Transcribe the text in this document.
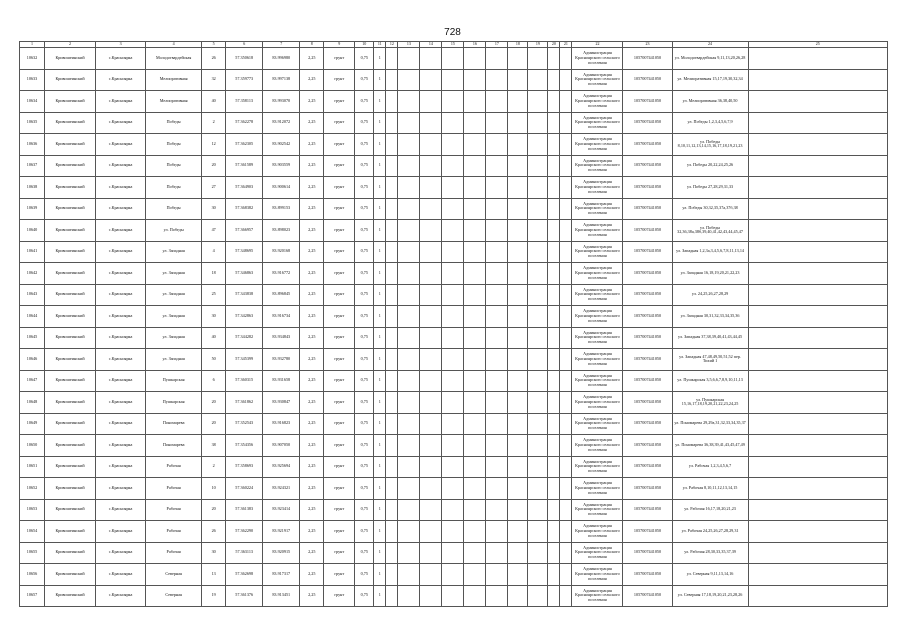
728
1	2	3	4	5	6	7	8	9	10	11	12	13	14	15	16	17	18	19	20	21	22	23	24	25
10632	Кривошеинский	с.Красноярка	Молодогвардейская	26	57.350618	83.996980	2,25	грунт	0,75	1											Администрация Красноярского сельского поселения	1057007441050	ул. Молодогвардейская 9,11,13,20,26,28	
10633	Кривошеинский	с.Красноярка	Мелиоративная	32	57.359773	83.997138	2,25	грунт	0,75	1											Администрация Красноярского сельского поселения	1057007441050	ул. Мелиоративная 15,17,19,30,32,34	
10634	Кривошеинский	с.Красноярка	Мелиоративная	40	57.358113	83.993070	2,25	грунт	0,75	1											Администрация Красноярского сельского поселения	1057007441050	ул. Мелиоративная 36,38,40,50	
10635	Кривошеинский	с.Красноярка	Победы	2	57.362278	83.912072	2,25	грунт	0,75	1											Администрация Красноярского сельского поселения	1057007441050	ул. Победы 1,2,3,4,5,6,7,9	
10636	Кривошеинский	с.Красноярка	Победы	12	57.362305	83.902542	2,25	грунт	0,75	1											Администрация Красноярского сельского поселения	1057007441050	ул. Победы 8,10,11,12,13,14,15,16,17,18,19,21,23	
10637	Кривошеинский	с.Красноярка	Победы	20	57.361589	83.903559	2,25	грунт	0,75	1											Администрация Красноярского сельского поселения	1057007441050	ул. Победы 20,22,24,25,26	
10638	Кривошеинский	с.Красноярка	Победы	27	57.364903	83.900614	2,25	грунт	0,75	1											Администрация Красноярского сельского поселения	1057007441050	ул. Победы 27,28,29,31,33	
10639	Кривошеинский	с.Красноярка	Победы	30	57.368382	83.899153	2,25	грунт	0,75	1											Администрация Красноярского сельского поселения	1057007441050	ул. Победы 30,32,35,37а,37б,38	
10640	Кривошеинский	с.Красноярка	ул. Победы	47	57.366957	83.898023	2,25	грунт	0,75	1											Администрация Красноярского сельского поселения	1057007441050	ул. Победы 32,36,38а,38б,39,40,41,42,43,44,45,47	
10641	Кривошеинский	с.Красноярка	ул. Западная	4	57.348695	83.920168	2,25	грунт	0,75	1											Администрация Красноярского сельского поселения	1057007441050	ул. Западная 1,2,3а,3,4,5,6,7,8,11,13,14	
10642	Кривошеинский	с.Красноярка	ул. Западная	18	57.346863	83.916772	2,25	грунт	0,75	1											Администрация Красноярского сельского поселения	1057007441050	ул. Западная 16,18,19,20,21,22,23	
10643	Кривошеинский	с.Красноярка	ул. Западная	25	57.343838	83.896845	2,25	грунт	0,75	1											Администрация Красноярского сельского поселения	1057007441050	ул. 24,25,26,27,28,29	
10644	Кривошеинский	с.Красноярка	ул. Западная	30	57.342863	83.916734	2,25	грунт	0,75	1											Администрация Красноярского сельского поселения	1057007441050	ул. Западная 30,31,32,33,34,35,36	
10645	Кривошеинский	с.Красноярка	ул. Западная	40	57.344282	83.934843	2,25	грунт	0,75	1											Администрация Красноярского сельского поселения	1057007441050	ул. Западная 37,38,39,40,41,43,44,45	
10646	Кривошеинский	с.Красноярка	ул. Западная	50	57.345399	83.932780	2,25	грунт	0,75	1											Администрация Красноярского сельского поселения	1057007441050	ул. Западная 47,48,49,50,51,52 пер. Тихий 1	
10647	Кривошеинский	с.Красноярка	Пушкарская	6	57.360315	83.931658	2,25	грунт	0,75	1											Администрация Красноярского сельского поселения	1057007441050	ул. Пушкарская 3,5,6,6,7,8,9,10,11,13	
10648	Кривошеинский	с.Красноярка	Пушкарская	20	57.361862	83.930847	2,25	грунт	0,75	1											Администрация Красноярского сельского поселения	1057007441050	ул. Пушкарская 15,16,17,18,19,20,21,22,23,24,25	
10649	Кривошеинский	с.Красноярка	Пономарева	20	57.352543	83.916823	2,25	грунт	0,75	1											Администрация Красноярского сельского поселения	1057007441050	ул. Пономарева 29,29а,31,32,33,34,35,37	
10650	Кривошеинский	с.Красноярка	Пономарева	38	57.354356	83.907050	2,25	грунт	0,75	1											Администрация Красноярского сельского поселения	1057007441050	ул. Пономарева 36,38,39,41,43,45,47,49	
10651	Кривошеинский	с.Красноярка	Рабочая	2	57.358693	83.925694	2,25	грунт	0,75	1											Администрация Красноярского сельского поселения	1057007441050	ул. Рабочая 1,2,3,4,5,6,7	
10652	Кривошеинский	с.Красноярка	Рабочая	10	57.360224	83.924321	2,25	грунт	0,75	1											Администрация Красноярского сельского поселения	1057007441050	ул. Рабочая 8,10,11,12,13,14,15	
10653	Кривошеинский	с.Красноярка	Рабочая	20	57.361383	83.923414	2,25	грунт	0,75	1											Администрация Красноярского сельского поселения	1057007441050	ул. Рабочая 16,17,18,20,21,23	
10654	Кривошеинский	с.Красноярка	Рабочая	26	57.362290	83.921917	2,25	грунт	0,75	1											Администрация Красноярского сельского поселения	1057007441050	ул. Рабочая 24,25,26,27,28,29,31	
10655	Кривошеинский	с.Красноярка	Рабочая	30	57.363113	83.920915	2,25	грунт	0,75	1											Администрация Красноярского сельского поселения	1057007441050	ул. Рабочая 28,30,33,35,37,39	
10656	Кривошеинский	с.Красноярка	Северная	13	57.362698	83.917317	2,25	грунт	0,75	1											Администрация Красноярского сельского поселения	1057007441050	ул. Северная 9,11,13,14,16	
10657	Кривошеинский	с.Красноярка	Северная	19	57.361376	83.913451	2,25	грунт	0,75	1											Администрация Красноярского сельского поселения	1057007441050	ул. Северная 17,18,19,20,21,23,28,26	
